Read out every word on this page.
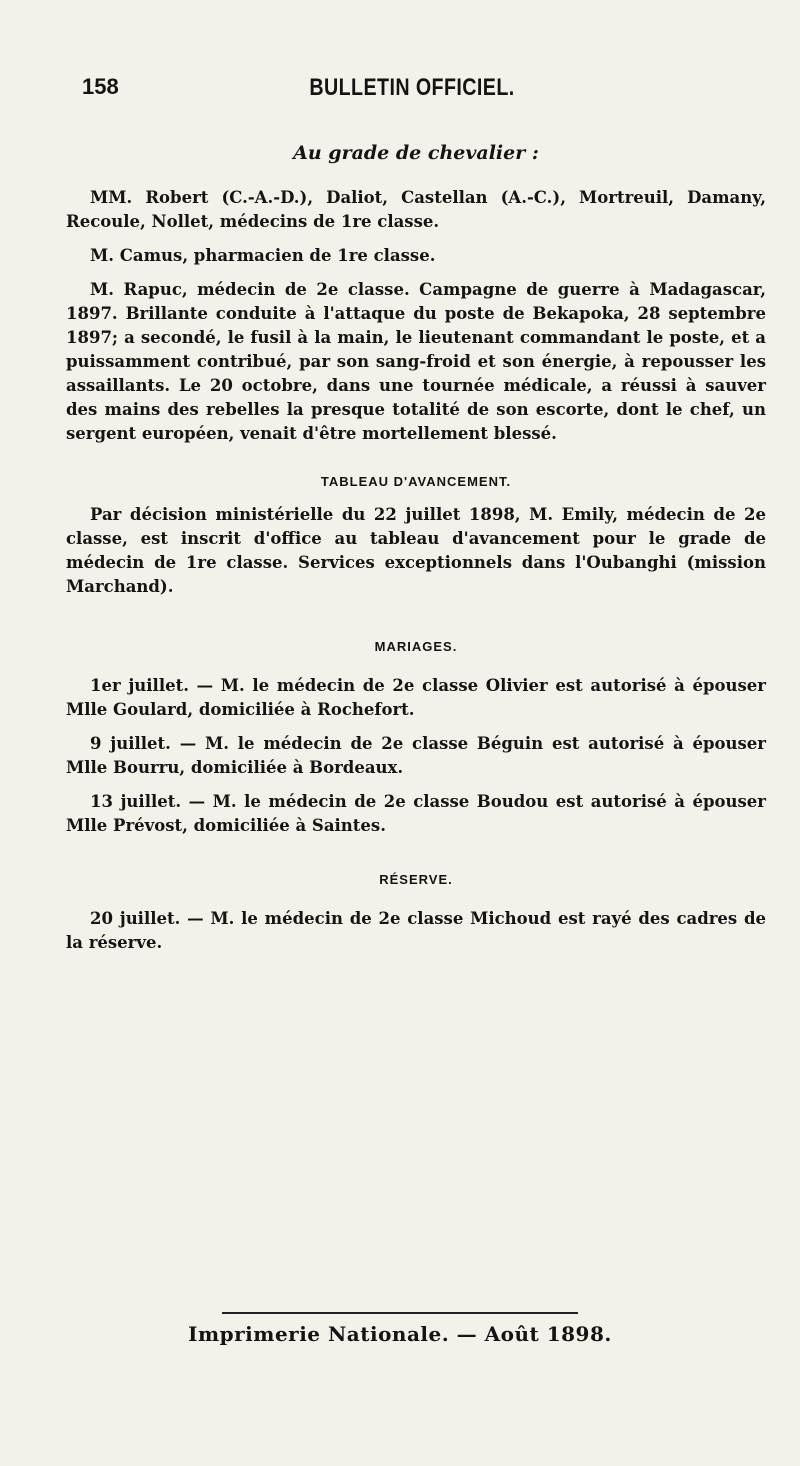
158	BULLETIN OFFICIEL.
Au grade de chevalier :

MM. Robert (C.-A.-D.), Daliot, Castellan (A.-C.), Mortreuil, Damany, Recoule, Nollet, médecins de 1re classe.

M. Camus, pharmacien de 1re classe.

M. Rapuc, médecin de 2e classe. Campagne de guerre à Madagascar, 1897. Brillante conduite à l'attaque du poste de Bekapoka, 28 septembre 1897; a secondé, le fusil à la main, le lieutenant commandant le poste, et a puissamment contribué, par son sang-froid et son énergie, à repousser les assaillants. Le 20 octobre, dans une tournée médicale, a réussi à sauver des mains des rebelles la presque totalité de son escorte, dont le chef, un sergent européen, venait d'être mortellement blessé.

TABLEAU D'AVANCEMENT.

Par décision ministérielle du 22 juillet 1898, M. Emily, médecin de 2e classe, est inscrit d'office au tableau d'avancement pour le grade de médecin de 1re classe. Services exceptionnels dans l'Oubanghi (mission Marchand).

MARIAGES.

1er juillet. — M. le médecin de 2e classe Olivier est autorisé à épouser Mlle Goulard, domiciliée à Rochefort.

9 juillet. — M. le médecin de 2e classe Béguin est autorisé à épouser Mlle Bourru, domiciliée à Bordeaux.

13 juillet. — M. le médecin de 2e classe Boudou est autorisé à épouser Mlle Prévost, domiciliée à Saintes.

RÉSERVE.

20 juillet. — M. le médecin de 2e classe Michoud est rayé des cadres de la réserve.

Imprimerie Nationale. — Août 1898.
